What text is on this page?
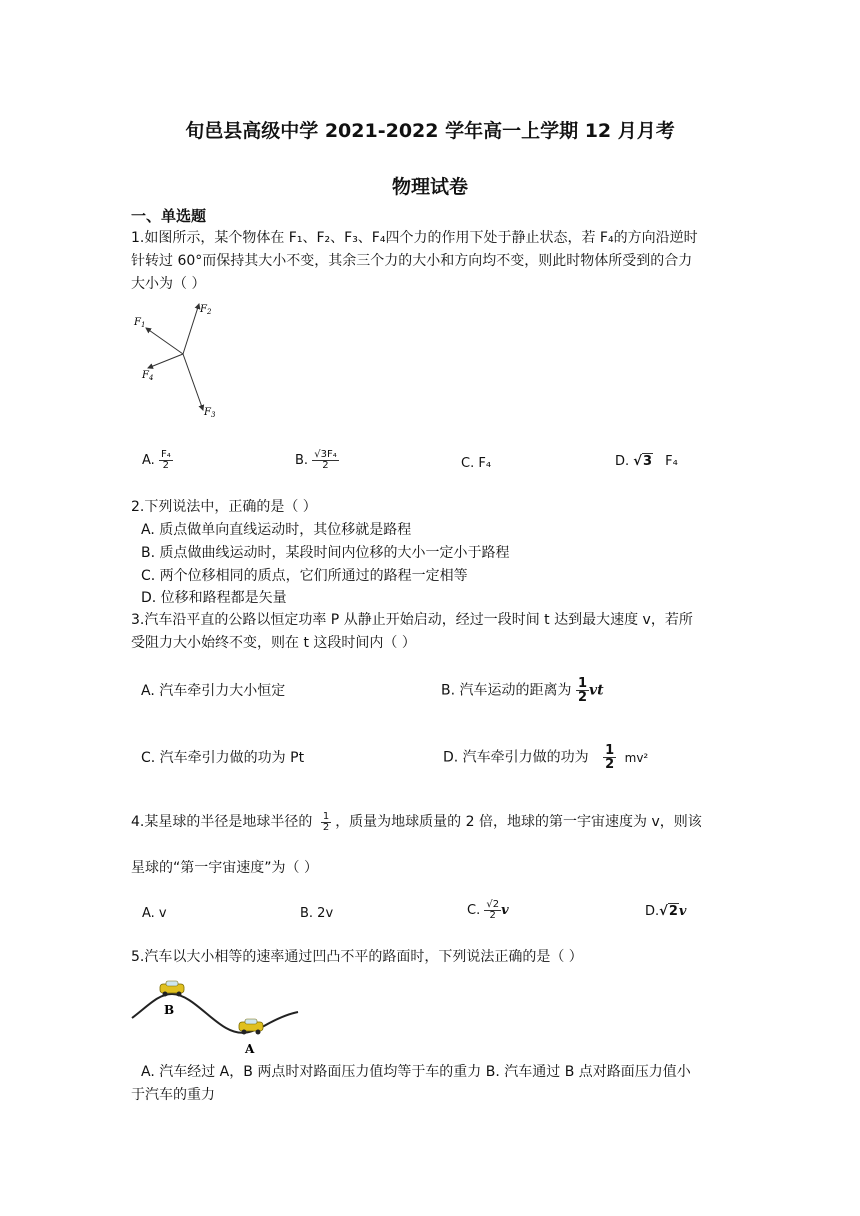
旬邑县高级中学 2021-2022 学年高一上学期 12 月月考
物理试卷
一、单选题
1.如图所示，某个物体在 F₁、F₂、F₃、F₄四个力的作用下处于静止状态，若 F₄的方向沿逆时
针转过 60°而保持其大小不变，其余三个力的大小和方向均不变，则此时物体所受到的合力
大小为（ ）
$F_1$
$F_2$
$F_3$
$F_4$
A. $\frac{\text{F₄}}{2}$	B. $\frac{\text{√3F₄}}{2}$	C. F₄	D. √3 F₄
2.下列说法中，正确的是（ ）
A. 质点做单向直线运动时，其位移就是路程
B. 质点做曲线运动时，某段时间内位移的大小一定小于路程
C. 两个位移相同的质点，它们所通过的路程一定相等
D. 位移和路程都是矢量
3.汽车沿平直的公路以恒定功率 P 从静止开始启动，经过一段时间 t 达到最大速度 v，若所
受阻力大小始终不变，则在 t 这段时间内（ ）
A. 汽车牵引力大小恒定	B. 汽车运动的距离为 $\frac{1}{2}$ vt
C. 汽车牵引力做的功为 Pt	D. 汽车牵引力做的功为 $\frac{1}{2} mv^2$
4.某星球的半径是地球半径的 $\frac{1}{2}$ ，质量为地球质量的 2 倍，地球的第一宇宙速度为 v，则该
星球的“第一宇宙速度”为（ ）
A. v	B. 2v	C. $\frac{√2}{2}$ v	D.√2v
5.汽车以大小相等的速率通过凹凸不平的路面时，下列说法正确的是（ ）
B
A
A. 汽车经过 A，B 两点时对路面压力值均等于车的重力 B. 汽车通过 B 点对路面压力值小
于汽车的重力
